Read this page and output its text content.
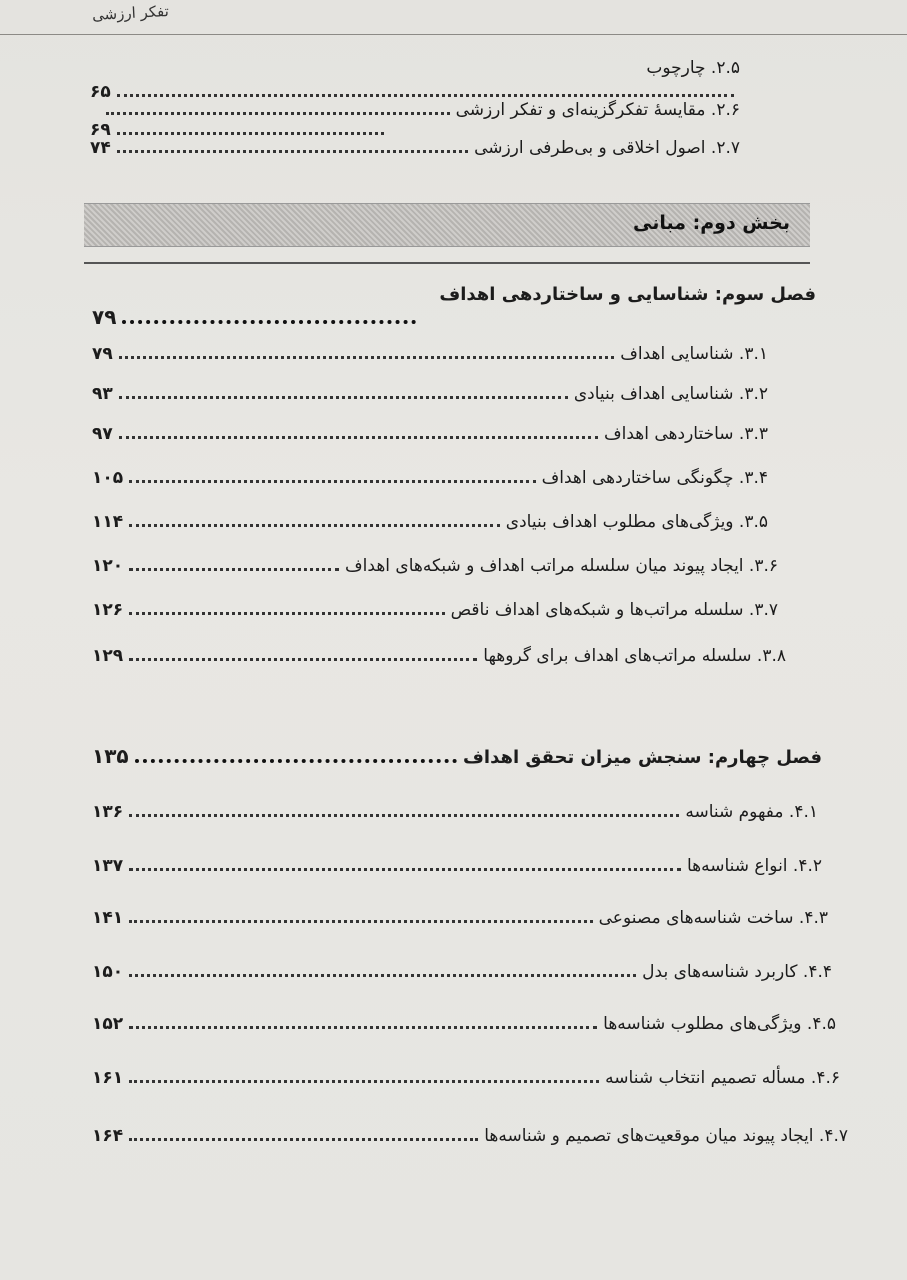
تفکر ارزشی
۲.۵. چارچوب
۶۵
۲.۶. مقایسهٔ تفکرگزینه‌ای و تفکر ارزشی
۶۹
۲.۷. اصول اخلاقی و بی‌طرفی ارزشی
۷۴
بخش دوم: مبانی
فصل سوم: شناسایی و ساختاردهی اهداف
۷۹
۳.۱. شناسایی اهداف
۷۹
۳.۲. شناسایی اهداف بنیادی
۹۳
۳.۳. ساختاردهی اهداف
۹۷
۳.۴. چگونگی ساختاردهی اهداف
۱۰۵
۳.۵. ویژگی‌های مطلوب اهداف بنیادی
۱۱۴
۳.۶. ایجاد پیوند میان سلسله مراتب اهداف و شبکه‌های اهداف
۱۲۰
۳.۷. سلسله مراتب‌ها و شبکه‌های اهداف ناقص
۱۲۶
۳.۸. سلسله مراتب‌های اهداف برای گروهها
۱۲۹
فصل چهارم: سنجش میزان تحقق اهداف
۱۳۵
۴.۱. مفهوم شناسه
۱۳۶
۴.۲. انواع شناسه‌ها
۱۳۷
۴.۳. ساخت شناسه‌های مصنوعی
۱۴۱
۴.۴. کاربرد شناسه‌های بدل
۱۵۰
۴.۵. ویژگی‌های مطلوب شناسه‌ها
۱۵۲
۴.۶. مسأله تصمیم انتخاب شناسه
۱۶۱
۴.۷. ایجاد پیوند میان موقعیت‌های تصمیم و شناسه‌ها
۱۶۴
